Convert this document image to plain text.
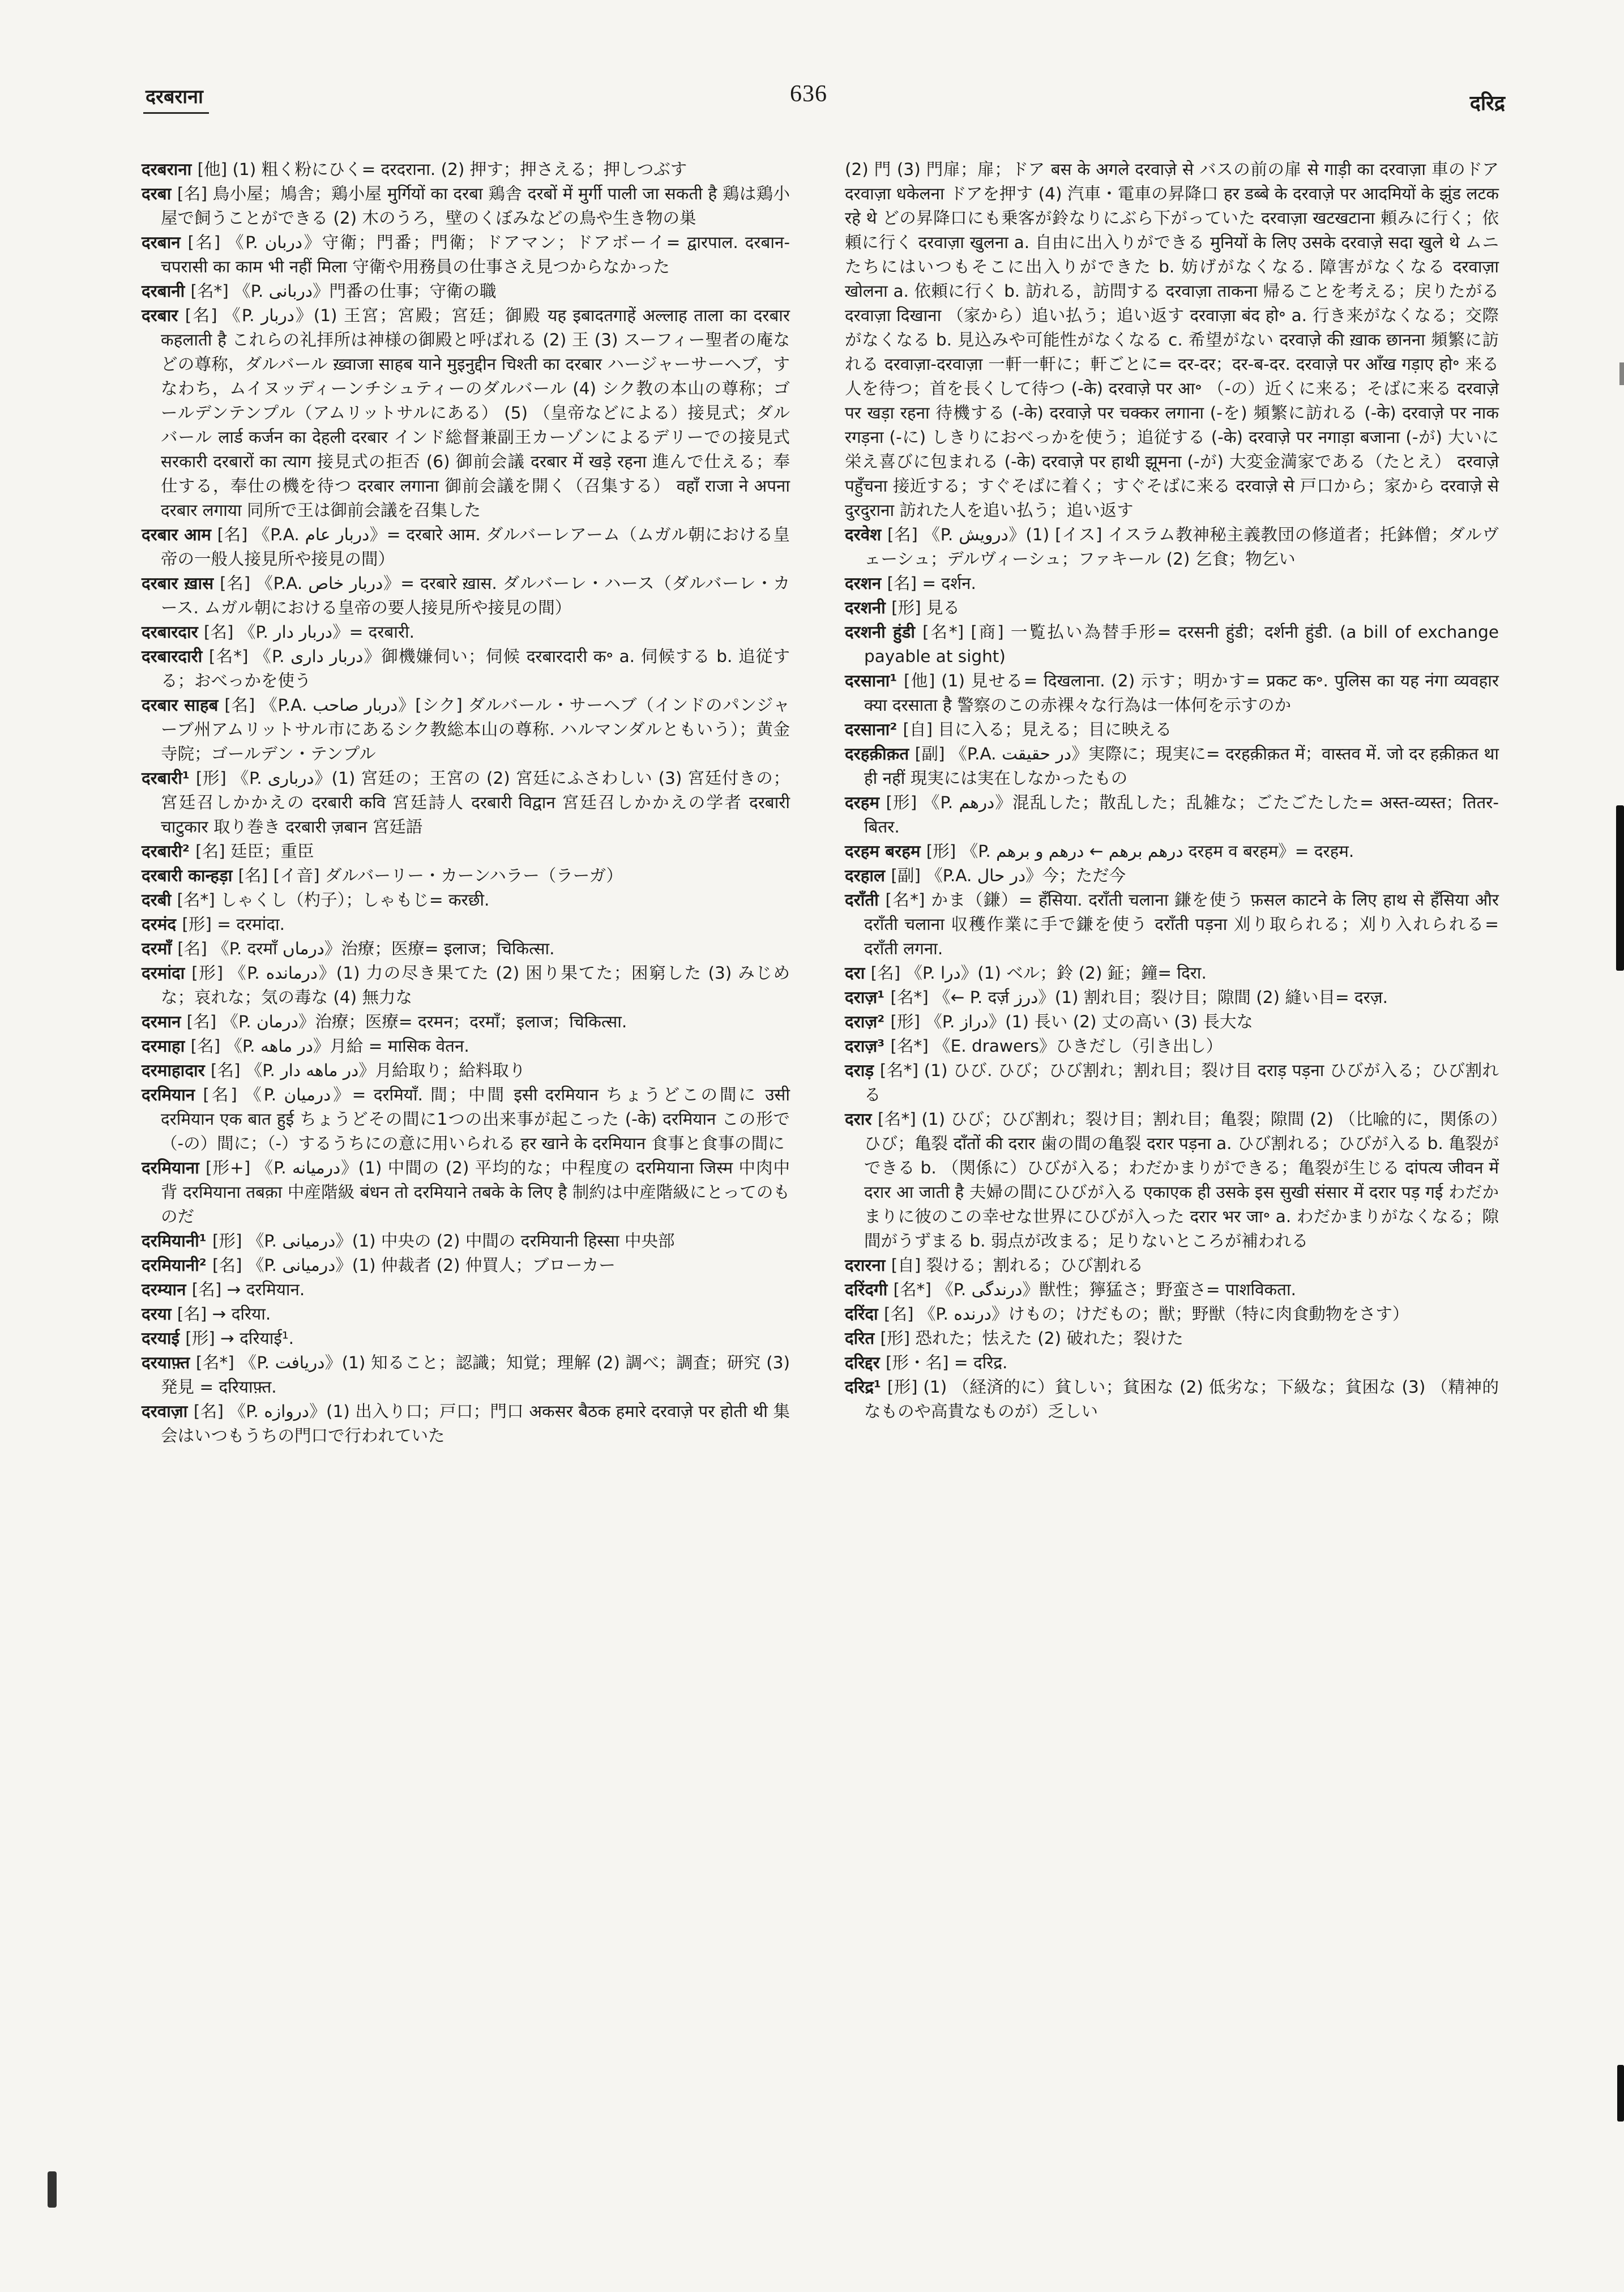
दरबराना	636	दरिद्र

दरबराना [他] (1) 粗く粉にひく= दरदराना. (2) 押す；押さえる；押しつぶす

दरबा [名] 鳥小屋；鳩舎；鶏小屋 मुर्गियों का दरबा 鶏舎 दरबों में मुर्गी पाली जा सकती है 鶏は鶏小屋で飼うことができる (2) 木のうろ，壁のくぼみなどの鳥や生き物の巣

दरबान [名] 《P. دربان》守衛；門番；門衛；ドアマン；ドアボーイ= द्वारपाल. दरबान-चपरासी का काम भी नहीं मिला 守衛や用務員の仕事さえ見つからなかった

दरबानी [名*] 《P. دربانی》門番の仕事；守衛の職

दरबार [名] 《P. دربار》(1) 王宮；宮殿；宮廷；御殿 यह इबादतगाहें अल्लाह ताला का दरबार कहलाती है これらの礼拝所は神様の御殿と呼ばれる (2) 王 (3) スーフィー聖者の庵などの尊称，ダルバール ख़्वाजा साहब याने मुइनुद्दीन चिश्ती का दरबार ハージャーサーヘブ，すなわち，ムイヌッディーンチシュティーのダルバール (4) シク教の本山の尊称；ゴールデンテンプル（アムリットサルにある） (5) （皇帝などによる）接見式；ダルバール लार्ड कर्जन का देहली दरबार インド総督兼副王カーゾンによるデリーでの接見式 सरकारी दरबारों का त्याग 接見式の拒否 (6) 御前会議 दरबार में खड़े रहना 進んで仕える；奉仕する，奉仕の機を待つ दरबार लगाना 御前会議を開く（召集する） वहाँ राजा ने अपना दरबार लगाया 同所で王は御前会議を召集した

दरबार आम [名] 《P.A. دربار عام》= दरबारे आम. ダルバーレアーム（ムガル朝における皇帝の一般人接見所や接見の間）

दरबार ख़ास [名] 《P.A. دربار خاص》= दरबारे ख़ास. ダルバーレ・ハース（ダルバーレ・カース. ムガル朝における皇帝の要人接見所や接見の間）

दरबारदार [名] 《P. دربار دار》= दरबारी.

दरबारदारी [名*] 《P. دربار داری》御機嫌伺い；伺候 दरबारदारी क॰ a. 伺候する b. 追従する；おべっかを使う

दरबार साहब [名] 《P.A. دربار صاحب》[シク] ダルバール・サーヘブ（インドのパンジャーブ州アムリットサル市にあるシク教総本山の尊称. ハルマンダルともいう）；黄金寺院；ゴールデン・テンプル

दरबारी¹ [形] 《P. درباری》(1) 宮廷の；王宮の (2) 宮廷にふさわしい (3) 宮廷付きの；宮廷召しかかえの दरबारी कवि 宮廷詩人 दरबारी विद्वान 宮廷召しかかえの学者 दरबारी चाटुकार 取り巻き दरबारी ज़बान 宮廷語

दरबारी² [名] 廷臣；重臣

दरबारी कान्हड़ा [名] [イ音] ダルバーリー・カーンハラー（ラーガ）

दरबी [名*] しゃくし（杓子）；しゃもじ= करछी.

दरमंद [形] = दरमांदा.

दरमाँ [名] 《P. दरमाँ درماں》治療；医療= इलाज；चिकित्सा.

दरमांदा [形] 《P. درمانده》(1) 力の尽き果てた (2) 困り果てた；困窮した (3) みじめな；哀れな；気の毒な (4) 無力な

दरमान [名] 《P. درمان》治療；医療= दरमन；दरमाँ；इलाज；चिकित्सा.

दरमाहा [名] 《P. در ماهه》月給 = मासिक वेतन.

दरमाहादार [名] 《P. در ماهه دار》月給取り；給料取り

दरमियान [名] 《P. درمیان》= दरमियाँ. 間；中間 इसी दरमियान ちょうどこの間に उसी दरमियान एक बात हुई ちょうどその間に1つの出来事が起こった (-के) दरमियान この形で（-の）間に；（-）するうちにの意に用いられる हर खाने के दरमियान 食事と食事の間に

दरमियाना [形+] 《P. درمیانه》(1) 中間の (2) 平均的な；中程度の दरमियाना जिस्म 中肉中背 दरमियाना तबक़ा 中産階級 बंधन तो दरमियाने तबके के लिए है 制約は中産階級にとってのものだ

दरमियानी¹ [形] 《P. درمیانی》(1) 中央の (2) 中間の दरमियानी हिस्सा 中央部

दरमियानी² [名] 《P. درمیانی》(1) 仲裁者 (2) 仲買人；ブローカー

दरम्यान [名] → दरमियान.

दरया [名] → दरिया.

दरयाई [形] → दरियाई¹.

दरयाफ़्त [名*] 《P. دریافت》(1) 知ること；認識；知覚；理解 (2) 調べ；調査；研究 (3) 発見 = दरियाफ़्त.

दरवाज़ा [名] 《P. دروازه》(1) 出入り口；戸口；門口 अकसर बैठक हमारे दरवाज़े पर होती थी 集会はいつもうちの門口で行われていた

(2) 門 (3) 門扉；扉；ドア बस के अगले दरवाज़े से バスの前の扉 से गाड़ी का दरवाज़ा 車のドア दरवाज़ा धकेलना ドアを押す (4) 汽車・電車の昇降口 हर डब्बे के दरवाज़े पर आदमियों के झुंड लटक रहे थे どの昇降口にも乗客が鈴なりにぶら下がっていた दरवाज़ा खटखटाना 頼みに行く；依頼に行く दरवाज़ा खुलना a. 自由に出入りができる मुनियों के लिए उसके दरवाज़े सदा खुले थे ムニたちにはいつもそこに出入りができた b. 妨げがなくなる. 障害がなくなる दरवाज़ा खोलना a. 依頼に行く b. 訪れる，訪問する दरवाज़ा ताकना 帰ることを考える；戻りたがる दरवाज़ा दिखाना （家から）追い払う；追い返す दरवाज़ा बंद हो॰ a. 行き来がなくなる；交際がなくなる b. 見込みや可能性がなくなる c. 希望がない दरवाज़े की ख़ाक छानना 頻繁に訪れる दरवाज़ा-दरवाज़ा 一軒一軒に；軒ごとに= दर-दर；दर-ब-दर. दरवाज़े पर आँख गड़ाए हो॰ 来る人を待つ；首を長くして待つ (-के) दरवाज़े पर आ॰ （-の）近くに来る；そばに来る दरवाज़े पर खड़ा रहना 待機する (-के) दरवाज़े पर चक्कर लगाना (-を) 頻繁に訪れる (-के) दरवाज़े पर नाक रगड़ना (-に) しきりにおべっかを使う；追従する (-के) दरवाज़े पर नगाड़ा बजाना (-が) 大いに栄え喜びに包まれる (-के) दरवाज़े पर हाथी झूमना (-が) 大変金満家である（たとえ） दरवाज़े पहुँचना 接近する；すぐそばに着く；すぐそばに来る दरवाज़े से 戸口から；家から दरवाज़े से दुरदुराना 訪れた人を追い払う；追い返す

दरवेश [名] 《P. درویش》(1) [イス] イスラム教神秘主義教団の修道者；托鉢僧；ダルヴェーシュ；デルヴィーシュ；ファキール (2) 乞食；物乞い

दरशन [名] = दर्शन.

दरशनी [形] 見る

दरशनी हुंडी [名*] [商] 一覧払い為替手形= दरसनी हुंडी；दर्शनी हुंडी. (a bill of exchange payable at sight)

दरसाना¹ [他] (1) 見せる= दिखलाना. (2) 示す；明かす= प्रकट क॰. पुलिस का यह नंगा व्यवहार क्या दरसाता है 警察のこの赤裸々な行為は一体何を示すのか

दरसाना² [自] 目に入る；見える；目に映える

दरहक़ीक़त [副] 《P.A. در حقیقت》実際に；現実に= दरहक़ीक़त में；वास्तव में. जो दर हक़ीक़त था ही नहीं 現実には実在しなかったもの

दरहम [形] 《P. درهم》混乱した；散乱した；乱雑な；ごたごたした= अस्त-व्यस्त；तितर-बितर.

दरहम बरहम [形] 《P. درهم برهم ← درهم و برهم दरहम व बरहम》= दरहम.

दरहाल [副] 《P.A. در حال》今；ただ今

दराँती [名*] かま（鎌）= हँसिया. दराँती चलाना 鎌を使う फ़सल काटने के लिए हाथ से हँसिया और दराँती चलाना 収穫作業に手で鎌を使う दराँती पड़ना 刈り取られる；刈り入れられる= दराँती लगना.

दरा [名] 《P. درا》(1) ベル；鈴 (2) 鉦；鐘= दिरा.

दराज़¹ [名*] 《← P. दर्ज़ درز》(1) 割れ目；裂け目；隙間 (2) 縫い目= दरज़.

दराज़² [形] 《P. دراز》(1) 長い (2) 丈の高い (3) 長大な

दराज़³ [名*] 《E. drawers》ひきだし（引き出し）

दराड़ [名*] (1) ひび. ひび；ひび割れ；割れ目；裂け目 दराड़ पड़ना ひびが入る；ひび割れる

दरार [名*] (1) ひび；ひび割れ；裂け目；割れ目；亀裂；隙間 (2) （比喩的に，関係の）ひび；亀裂 दाँतों की दरार 歯の間の亀裂 दरार पड़ना a. ひび割れる；ひびが入る b. 亀裂ができる b. （関係に）ひびが入る；わだかまりができる；亀裂が生じる दांपत्य जीवन में दरार आ जाती है 夫婦の間にひびが入る एकाएक ही उसके इस सुखी संसार में दरार पड़ गई わだかまりに彼のこの幸せな世界にひびが入った दरार भर जा॰ a. わだかまりがなくなる；隙間がうずまる b. 弱点が改まる；足りないところが補われる

दरारना [自] 裂ける；割れる；ひび割れる

दरिंदगी [名*] 《P. درندگی》獣性；獰猛さ；野蛮さ= पाशविकता.

दरिंदा [名] 《P. درنده》けもの；けだもの；獣；野獣（特に肉食動物をさす）

दरित [形] 恐れた；怯えた (2) 破れた；裂けた

दरिद्दर [形・名] = दरिद्र.

दरिद्र¹ [形] (1) （経済的に）貧しい；貧困な (2) 低劣な；下級な；貧困な (3) （精神的なものや高貴なものが）乏しい
